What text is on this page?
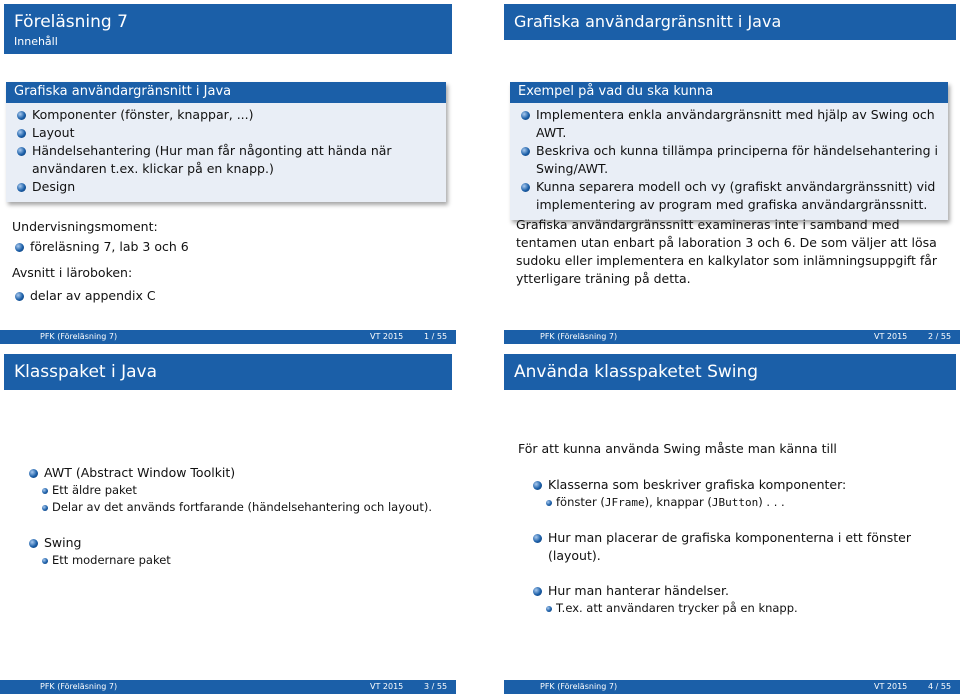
Föreläsning 7
Innehåll
Grafiska användargränsnitt i Java
Komponenter (fönster, knappar, ...)
Layout
Händelsehantering (Hur man får någonting att hända när användaren t.ex. klickar på en knapp.)
Design
Undervisningsmoment:
föreläsning 7, lab 3 och 6
Avsnitt i läroboken:
delar av appendix C
PFK (Föreläsning 7)	VT 2015	1 / 55
Grafiska användargränsnitt i Java
Exempel på vad du ska kunna
Implementera enkla användargränsnitt med hjälp av Swing och AWT.
Beskriva och kunna tillämpa principerna för händelsehantering i Swing/AWT.
Kunna separera modell och vy (grafiskt användargränssnitt) vid implementering av program med grafiska användargränssnitt.
Grafiska användargränssnitt examineras inte i samband med tentamen utan enbart på laboration 3 och 6. De som väljer att lösa sudoku eller implementera en kalkylator som inlämningsuppgift får ytterligare träning på detta.
PFK (Föreläsning 7)	VT 2015	2 / 55
Klasspaket i Java
AWT (Abstract Window Toolkit)
Ett äldre paket
Delar av det används fortfarande (händelsehantering och layout).
Swing
Ett modernare paket
PFK (Föreläsning 7)	VT 2015	3 / 55
Använda klasspaketet Swing
För att kunna använda Swing måste man känna till
Klasserna som beskriver grafiska komponenter:
fönster (JFrame), knappar (JButton) . . .
Hur man placerar de grafiska komponenterna i ett fönster (layout).
Hur man hanterar händelser.
T.ex. att användaren trycker på en knapp.
PFK (Föreläsning 7)	VT 2015	4 / 55
